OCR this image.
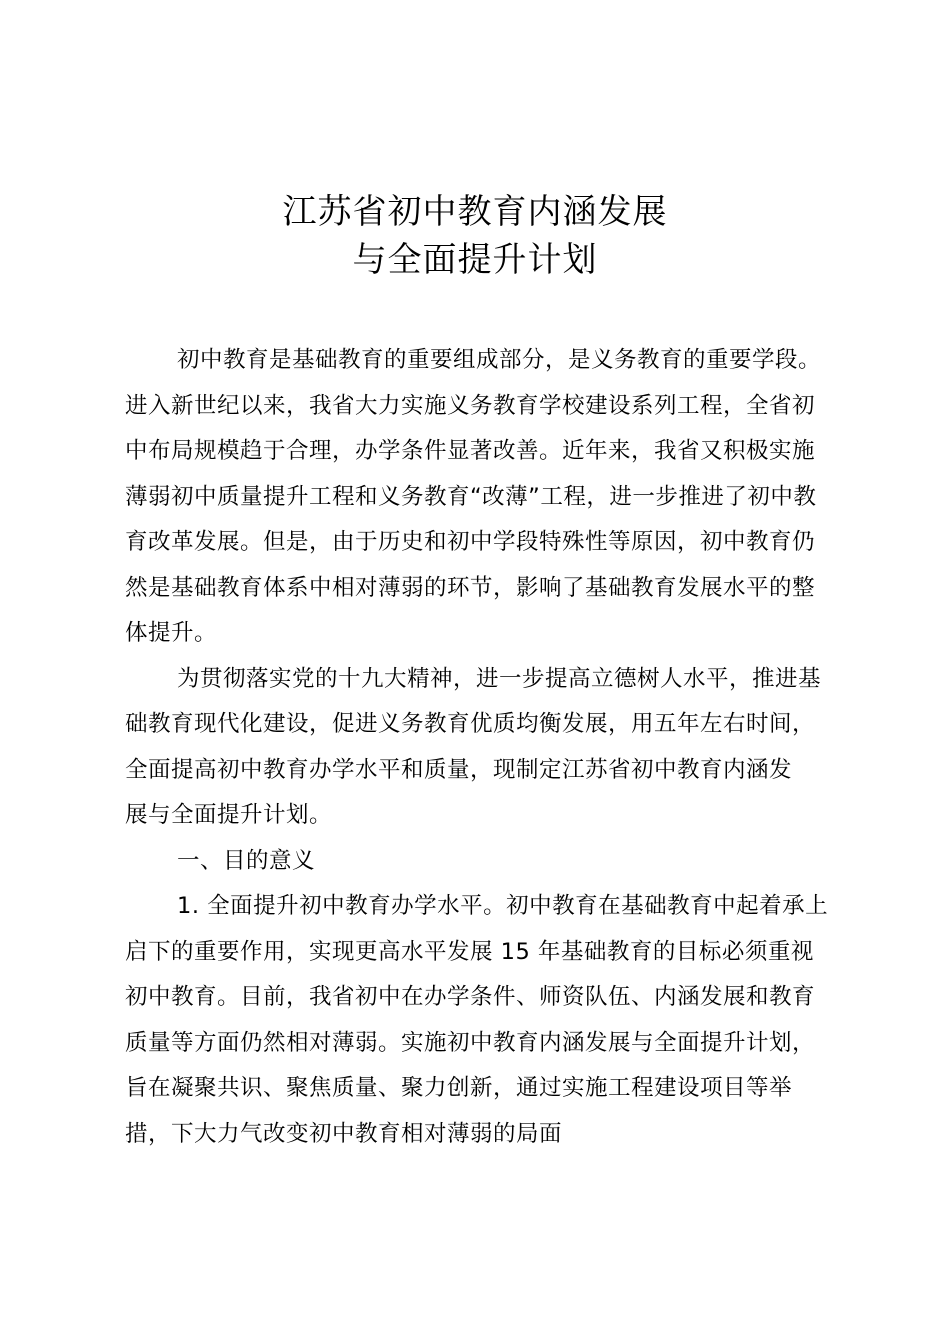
江苏省初中教育内涵发展
与全面提升计划
初中教育是基础教育的重要组成部分，是义务教育的重要学段。
进入新世纪以来，我省大力实施义务教育学校建设系列工程，全省初
中布局规模趋于合理，办学条件显著改善。近年来，我省又积极实施
薄弱初中质量提升工程和义务教育“改薄”工程，进一步推进了初中教
育改革发展。但是，由于历史和初中学段特殊性等原因，初中教育仍
然是基础教育体系中相对薄弱的环节，影响了基础教育发展水平的整
体提升。
为贯彻落实党的十九大精神，进一步提高立德树人水平，推进基
础教育现代化建设，促进义务教育优质均衡发展，用五年左右时间，
全面提高初中教育办学水平和质量，现制定江苏省初中教育内涵发
展与全面提升计划。
一、目的意义
1. 全面提升初中教育办学水平。初中教育在基础教育中起着承上
启下的重要作用，实现更高水平发展 15 年基础教育的目标必须重视
初中教育。目前，我省初中在办学条件、师资队伍、内涵发展和教育
质量等方面仍然相对薄弱。实施初中教育内涵发展与全面提升计划，
旨在凝聚共识、聚焦质量、聚力创新，通过实施工程建设项目等举
措，下大力气改变初中教育相对薄弱的局面
